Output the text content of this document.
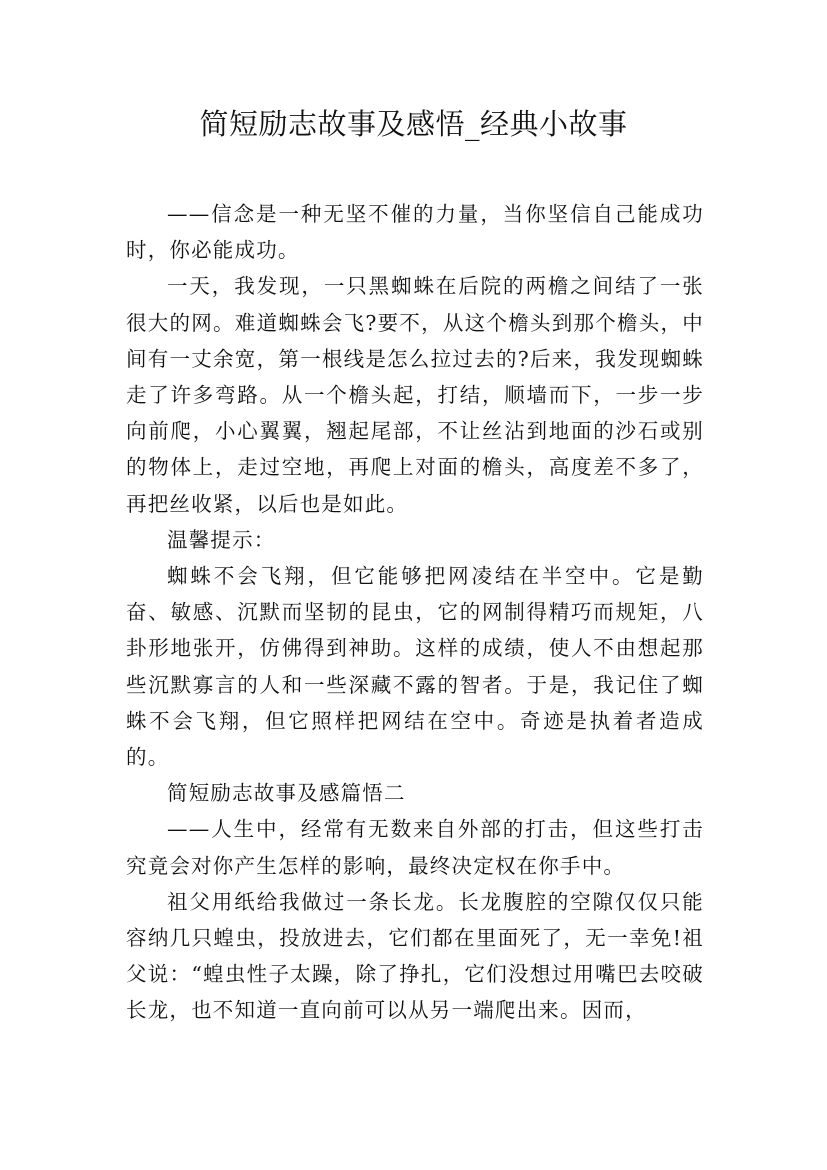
简短励志故事及感悟_经典小故事

——信念是一种无坚不催的力量，当你坚信自己能成功时，你必能成功。

一天，我发现，一只黑蜘蛛在后院的两檐之间结了一张很大的网。难道蜘蛛会飞?要不，从这个檐头到那个檐头，中间有一丈余宽，第一根线是怎么拉过去的?后来，我发现蜘蛛走了许多弯路。从一个檐头起，打结，顺墙而下，一步一步向前爬，小心翼翼，翘起尾部，不让丝沾到地面的沙石或别的物体上，走过空地，再爬上对面的檐头，高度差不多了，再把丝收紧，以后也是如此。

温馨提示：

蜘蛛不会飞翔，但它能够把网凌结在半空中。它是勤奋、敏感、沉默而坚韧的昆虫，它的网制得精巧而规矩，八卦形地张开，仿佛得到神助。这样的成绩，使人不由想起那些沉默寡言的人和一些深藏不露的智者。于是，我记住了蜘蛛不会飞翔，但它照样把网结在空中。奇迹是执着者造成的。

简短励志故事及感篇悟二

——人生中，经常有无数来自外部的打击，但这些打击究竟会对你产生怎样的影响，最终决定权在你手中。

祖父用纸给我做过一条长龙。长龙腹腔的空隙仅仅只能容纳几只蝗虫，投放进去，它们都在里面死了，无一幸免!祖父说：“蝗虫性子太躁，除了挣扎，它们没想过用嘴巴去咬破长龙，也不知道一直向前可以从另一端爬出来。因而，
